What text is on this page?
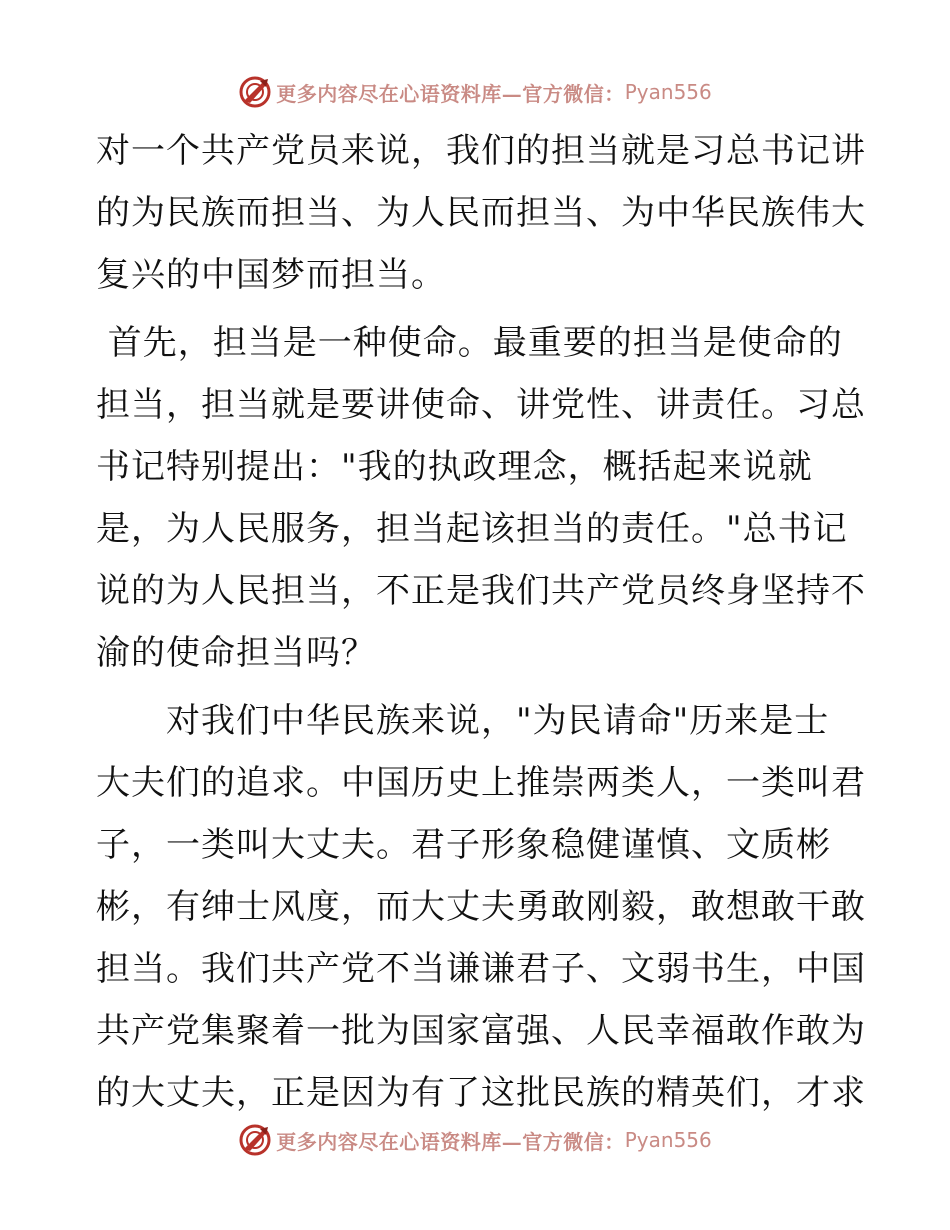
更多内容尽在心语资料库—官方微信： Pyan556
对一个共产党员来说，我们的担当就是习总书记讲
的为民族而担当、为人民而担当、为中华民族伟大
复兴的中国梦而担当。
首先，担当是一种使命。最重要的担当是使命的
担当，担当就是要讲使命、讲党性、讲责任。习总
书记特别提出："我的执政理念，概括起来说就
是，为人民服务，担当起该担当的责任。"总书记
说的为人民担当，不正是我们共产党员终身坚持不
渝的使命担当吗？
　　对我们中华民族来说，"为民请命"历来是士
大夫们的追求。中国历史上推崇两类人，一类叫君
子，一类叫大丈夫。君子形象稳健谨慎、文质彬
彬，有绅士风度，而大丈夫勇敢刚毅，敢想敢干敢
担当。我们共产党不当谦谦君子、文弱书生，中国
共产党集聚着一批为国家富强、人民幸福敢作敢为
的大丈夫，正是因为有了这批民族的精英们，才求
更多内容尽在心语资料库—官方微信： Pyan556
